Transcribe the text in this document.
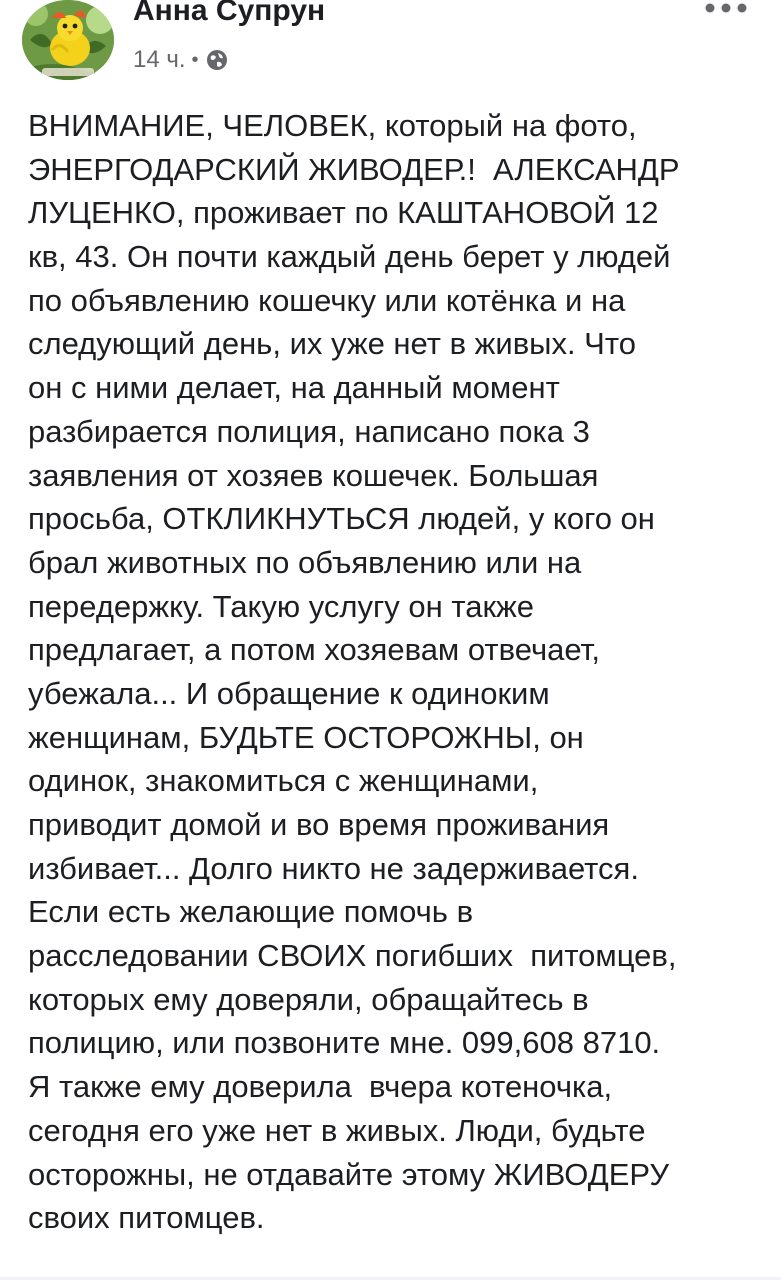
Анна Супрун
14 ч. •
ВНИМАНИЕ, ЧЕЛОВЕК, который на фото,
ЭНЕРГОДАРСКИЙ ЖИВОДЕР.!  АЛЕКСАНДР
ЛУЦЕНКО, проживает по КАШТАНОВОЙ 12
кв, 43. Он почти каждый день берет у людей
по объявлению кошечку или котёнка и на
следующий день, их уже нет в живых. Что
он с ними делает, на данный момент
разбирается полиция, написано пока 3
заявления от хозяев кошечек. Большая
просьба, ОТКЛИКНУТЬСЯ людей, у кого он
брал животных по объявлению или на
передержку. Такую услугу он также
предлагает, а потом хозяевам отвечает,
убежала... И обращение к одиноким
женщинам, БУДЬТЕ ОСТОРОЖНЫ, он
одинок, знакомиться с женщинами,
приводит домой и во время проживания
избивает... Долго никто не задерживается.
Если есть желающие помочь в
расследовании СВОИХ погибших  питомцев,
которых ему доверяли, обращайтесь в
полицию, или позвоните мне. 099,608 8710.
Я также ему доверила  вчера котеночка,
сегодня его уже нет в живых. Люди, будьте
осторожны, не отдавайте этому ЖИВОДЕРУ
своих питомцев.
